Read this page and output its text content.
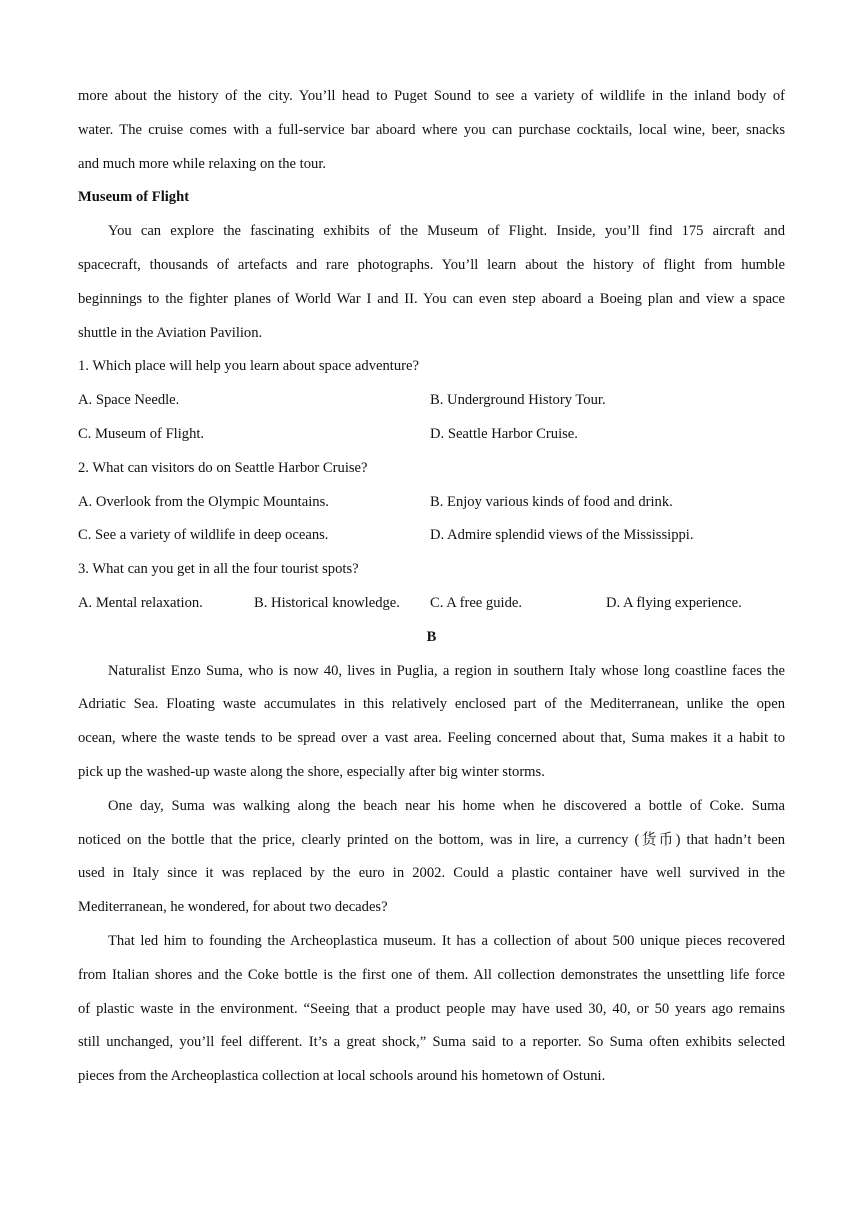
more about the history of the city. You’ll head to Puget Sound to see a variety of wildlife in the inland body of
water. The cruise comes with a full-service bar aboard where you can purchase cocktails, local wine, beer, snacks
and much more while relaxing on the tour.
Museum of Flight
You can explore the fascinating exhibits of the Museum of Flight. Inside, you’ll find 175 aircraft and
spacecraft, thousands of artefacts and rare photographs. You’ll learn about the history of flight from humble
beginnings to the fighter planes of World War I and II. You can even step aboard a Boeing plan and view a space
shuttle in the Aviation Pavilion.
1. Which place will help you learn about space adventure?
A. Space Needle.	B. Underground History Tour.
C. Museum of Flight.	D. Seattle Harbor Cruise.
2. What can visitors do on Seattle Harbor Cruise?
A. Overlook from the Olympic Mountains.	B. Enjoy various kinds of food and drink.
C. See a variety of wildlife in deep oceans.	D. Admire splendid views of the Mississippi.
3. What can you get in all the four tourist spots?
A. Mental relaxation.	B. Historical knowledge. C. A free guide.	D. A flying experience.
B
Naturalist Enzo Suma, who is now 40, lives in Puglia, a region in southern Italy whose long coastline faces the
Adriatic Sea. Floating waste accumulates in this relatively enclosed part of the Mediterranean, unlike the open
ocean, where the waste tends to be spread over a vast area. Feeling concerned about that, Suma makes it a habit to
pick up the washed-up waste along the shore, especially after big winter storms.
One day, Suma was walking along the beach near his home when he discovered a bottle of Coke. Suma
noticed on the bottle that the price, clearly printed on the bottom, was in lire, a currency (货币) that hadn’t been
used in Italy since it was replaced by the euro in 2002. Could a plastic container have well survived in the
Mediterranean, he wondered, for about two decades?
That led him to founding the Archeoplastica museum. It has a collection of about 500 unique pieces recovered
from Italian shores and the Coke bottle is the first one of them. All collection demonstrates the unsettling life force
of plastic waste in the environment. “Seeing that a product people may have used 30, 40, or 50 years ago remains
still unchanged, you’ll feel different. It’s a great shock,” Suma said to a reporter. So Suma often exhibits selected
pieces from the Archeoplastica collection at local schools around his hometown of Ostuni.
